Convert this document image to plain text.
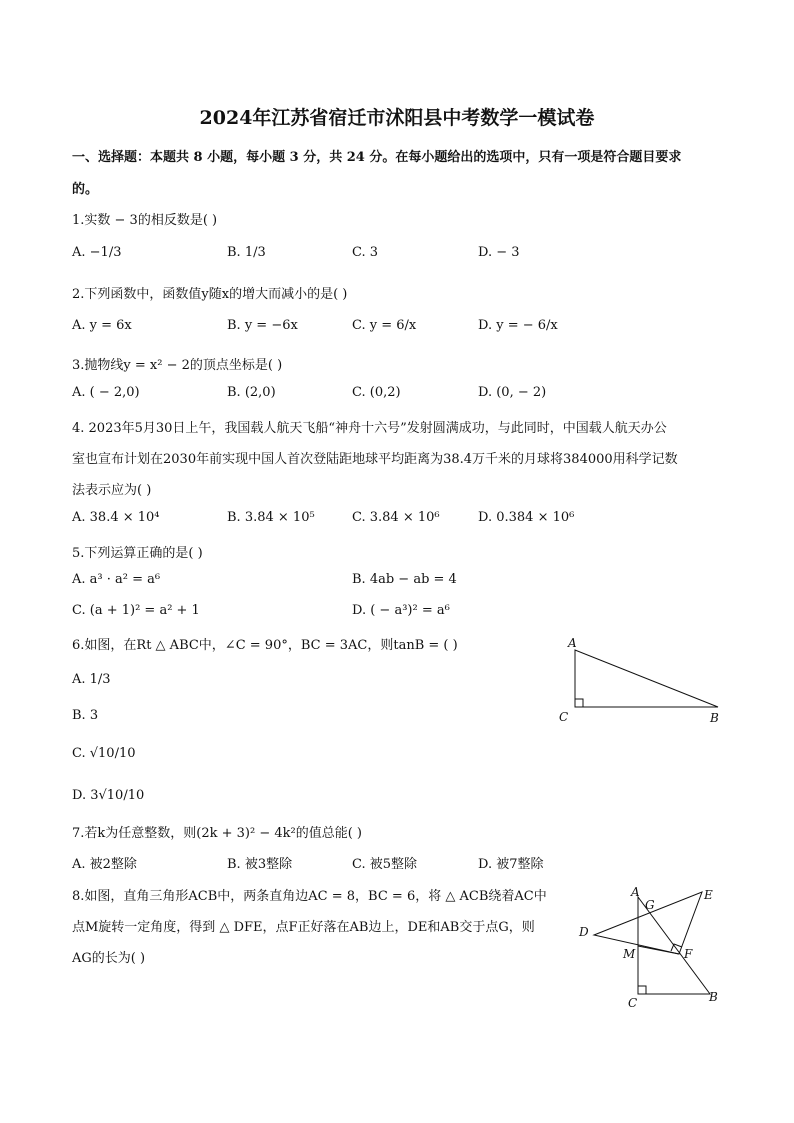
2024年江苏省宿迁市沭阳县中考数学一模试卷
一、选择题：本题共 8 小题，每小题 3 分，共 24 分。在每小题给出的选项中，只有一项是符合题目要求
的。
1.实数 − 3的相反数是( )
A. −1/3	B. 1/3	C. 3	D. − 3
2.下列函数中，函数值y随x的增大而减小的是( )
A. y = 6x	B. y = −6x	C. y = 6/x	D. y = − 6/x
3.抛物线y = x² − 2的顶点坐标是( )
A. ( − 2,0)	B. (2,0)	C. (0,2)	D. (0, − 2)
4. 2023年5月30日上午，我国载人航天飞船“神舟十六号”发射圆满成功，与此同时，中国载人航天办公
室也宣布计划在2030年前实现中国人首次登陆距地球平均距离为38.4万千米的月球将384000用科学记数
法表示应为( )
A. 38.4 × 10⁴	B. 3.84 × 10⁵	C. 3.84 × 10⁶	D. 0.384 × 10⁶
5.下列运算正确的是( )
A. a³ · a² = a⁶	B. 4ab − ab = 4
C. (a + 1)² = a² + 1	D. ( − a³)² = a⁶
6.如图，在Rt △ ABC中，∠C = 90°，BC = 3AC，则tanB = ( )
A. 1/3
B. 3
C. √10/10
D. 3√10/10
A
C	B
7.若k为任意整数，则(2k + 3)² − 4k²的值总能( )
A. 被2整除	B. 被3整除	C. 被5整除	D. 被7整除
8.如图，直角三角形ACB中，两条直角边AC = 8，BC = 6，将 △ ACB绕着AC中
点M旋转一定角度，得到 △ DFE，点F正好落在AB边上，DE和AB交于点G，则
AG的长为( )
A
G
E
D
M	F
C	B
